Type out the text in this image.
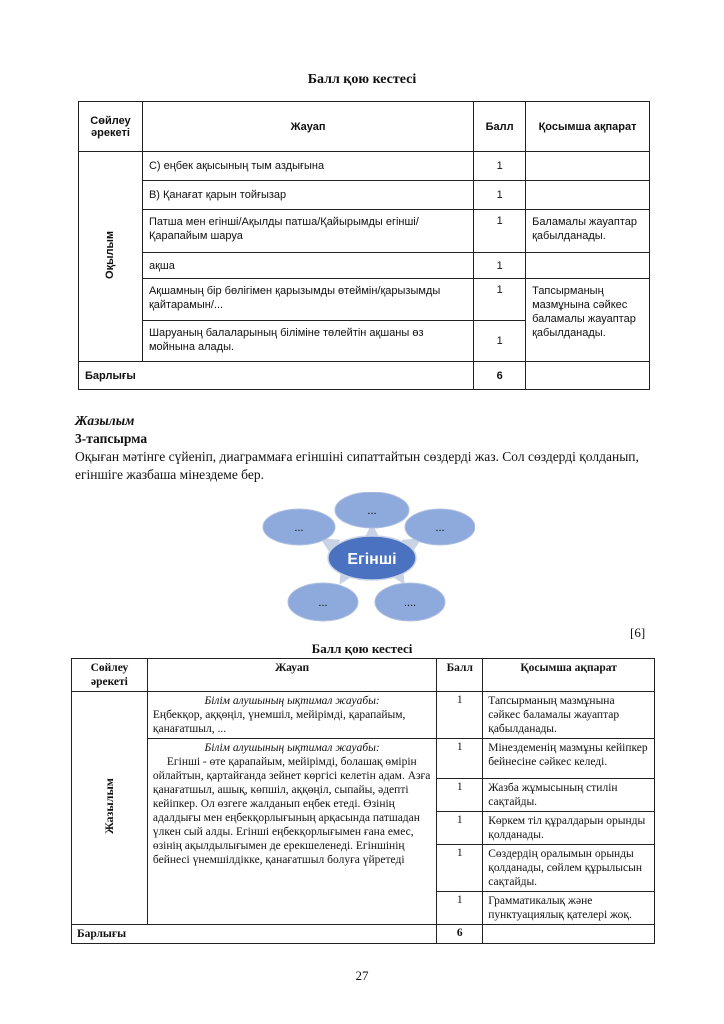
Балл қою кестесі
Сөйлеу әрекеті	Жауап	Балл	Қосымша ақпарат
Оқылым	С) еңбек ақысының тым аздығына	1	
	В) Қанағат қарын тойғызар	1	
	Патша мен егінші/Ақылды патша/Қайырымды егінші/Қарапайым шаруа	1	Баламалы жауаптар қабылданады.
	ақша	1	
	Ақшамның бір бөлігімен қарызымды өтеймін/қарызымды қайтарамын/...	1	Тапсырманың мазмұнына сәйкес баламалы жауаптар қабылданады.
	Шаруаның балаларының біліміне төлейтін ақшаны өз мойнына алады.	1	
Барлығы		6	
Жазылым
3-тапсырма
Оқыған мәтінге сүйеніп, диаграммаға егіншіні сипаттайтын сөздерді жаз. Сол сөздерді қолданып, егіншіге жазбаша мінездеме бер.
...
...	...
...	....
Егінші
[6]
Балл қою кестесі
Сөйлеу әрекеті	Жауап	Балл	Қосымша ақпарат
Жазылым	Білім алушының ықтимал жауабы:
Еңбекқор, аққөңіл, үнемшіл, мейірімді, қарапайым, қанағатшыл, ...	1	Тапсырманың мазмұнына сәйкес баламалы жауаптар қабылданады.

	Білім алушының ықтимал жауабы:
Егінші - өте қарапайым, мейірімді, болашақ өмірін ойлайтын, қартайғанда зейнет көргісі келетін адам. Азға қанағатшыл, ашық, көпшіл, аққөңіл, сыпайы, әдепті кейіпкер. Ол өзгеге жалданып еңбек етеді. Өзінің адалдығы мен еңбекқорлығының арқасында патшадан үлкен сый алды. Егінші еңбекқорлығымен ғана емес, өзінің ақылдылығымен де ерекшеленеді. Егіншінің бейнесі үнемшілдікке, қанағатшыл болуға үйретеді	1	Мінездеменің мазмұны кейіпкер бейнесіне сәйкес келеді.
		1	Жазба жұмысының стилін сақтайды.
		1	Көркем тіл құралдарын орынды қолданады.
		1	Сөздердің оралымын орынды қолданады, сөйлем құрылысын сақтайды.
		1	Грамматикалық және пунктуациялық қателері жоқ.
Барлығы		6	
27
